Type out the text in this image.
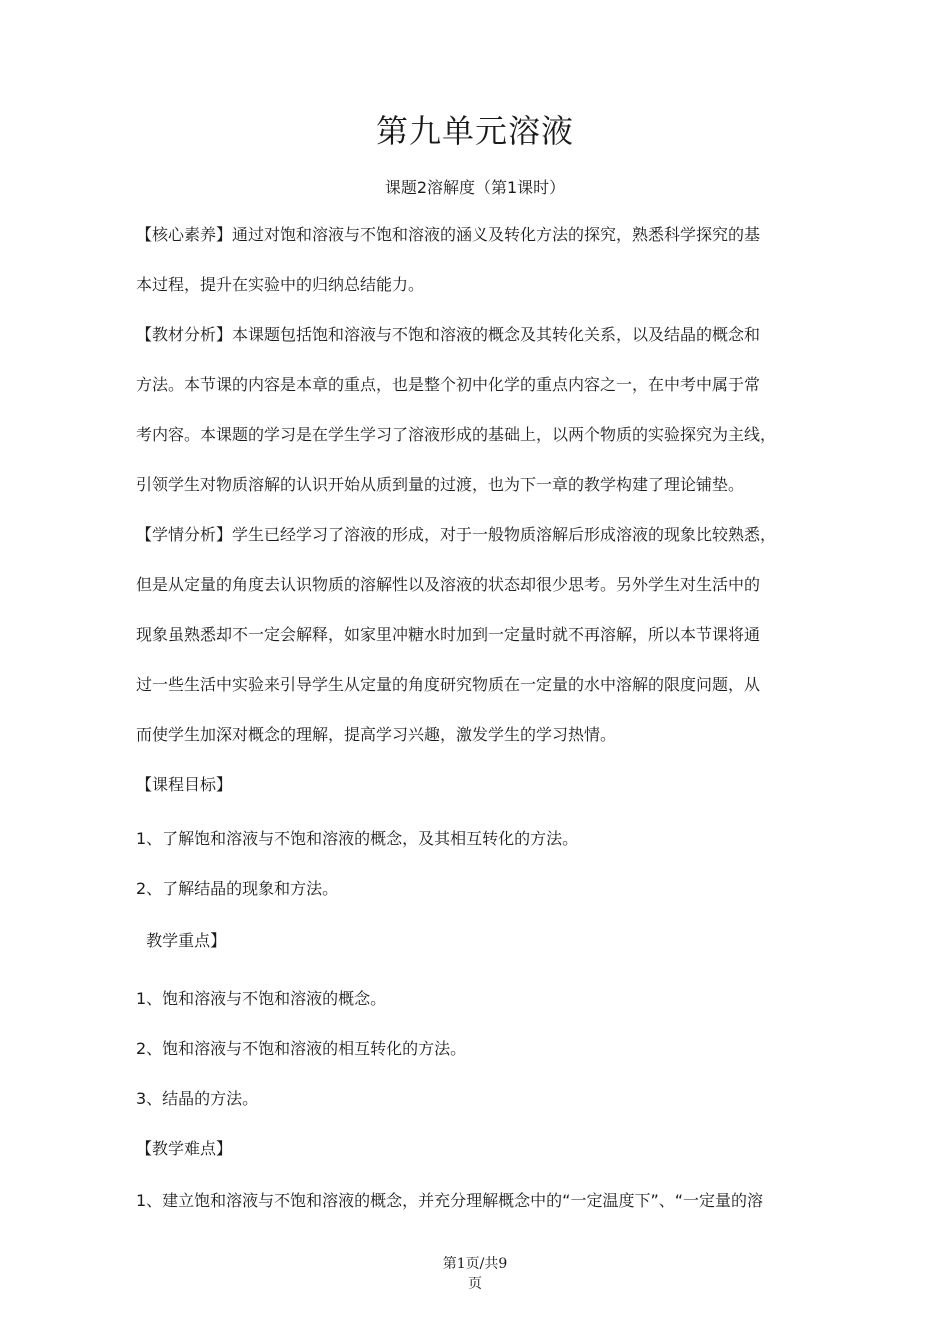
第九单元溶液

课题2溶解度（第1课时）

【核心素养】通过对饱和溶液与不饱和溶液的涵义及转化方法的探究，熟悉科学探究的基

本过程，提升在实验中的归纳总结能力。

【教材分析】本课题包括饱和溶液与不饱和溶液的概念及其转化关系，以及结晶的概念和

方法。本节课的内容是本章的重点，也是整个初中化学的重点内容之一，在中考中属于常

考内容。本课题的学习是在学生学习了溶液形成的基础上，以两个物质的实验探究为主线，

引领学生对物质溶解的认识开始从质到量的过渡，也为下一章的教学构建了理论铺垫。

【学情分析】学生已经学习了溶液的形成，对于一般物质溶解后形成溶液的现象比较熟悉，

但是从定量的角度去认识物质的溶解性以及溶液的状态却很少思考。另外学生对生活中的

现象虽熟悉却不一定会解释，如家里冲糖水时加到一定量时就不再溶解，所以本节课将通

过一些生活中实验来引导学生从定量的角度研究物质在一定量的水中溶解的限度问题，从

而使学生加深对概念的理解，提高学习兴趣，激发学生的学习热情。

【课程目标】

1、了解饱和溶液与不饱和溶液的概念，及其相互转化的方法。

2、了解结晶的现象和方法。

教学重点】

1、饱和溶液与不饱和溶液的概念。

2、饱和溶液与不饱和溶液的相互转化的方法。

3、结晶的方法。

【教学难点】

1、建立饱和溶液与不饱和溶液的概念，并充分理解概念中的“一定温度下”、“一定量的溶

第1页/共9
页
